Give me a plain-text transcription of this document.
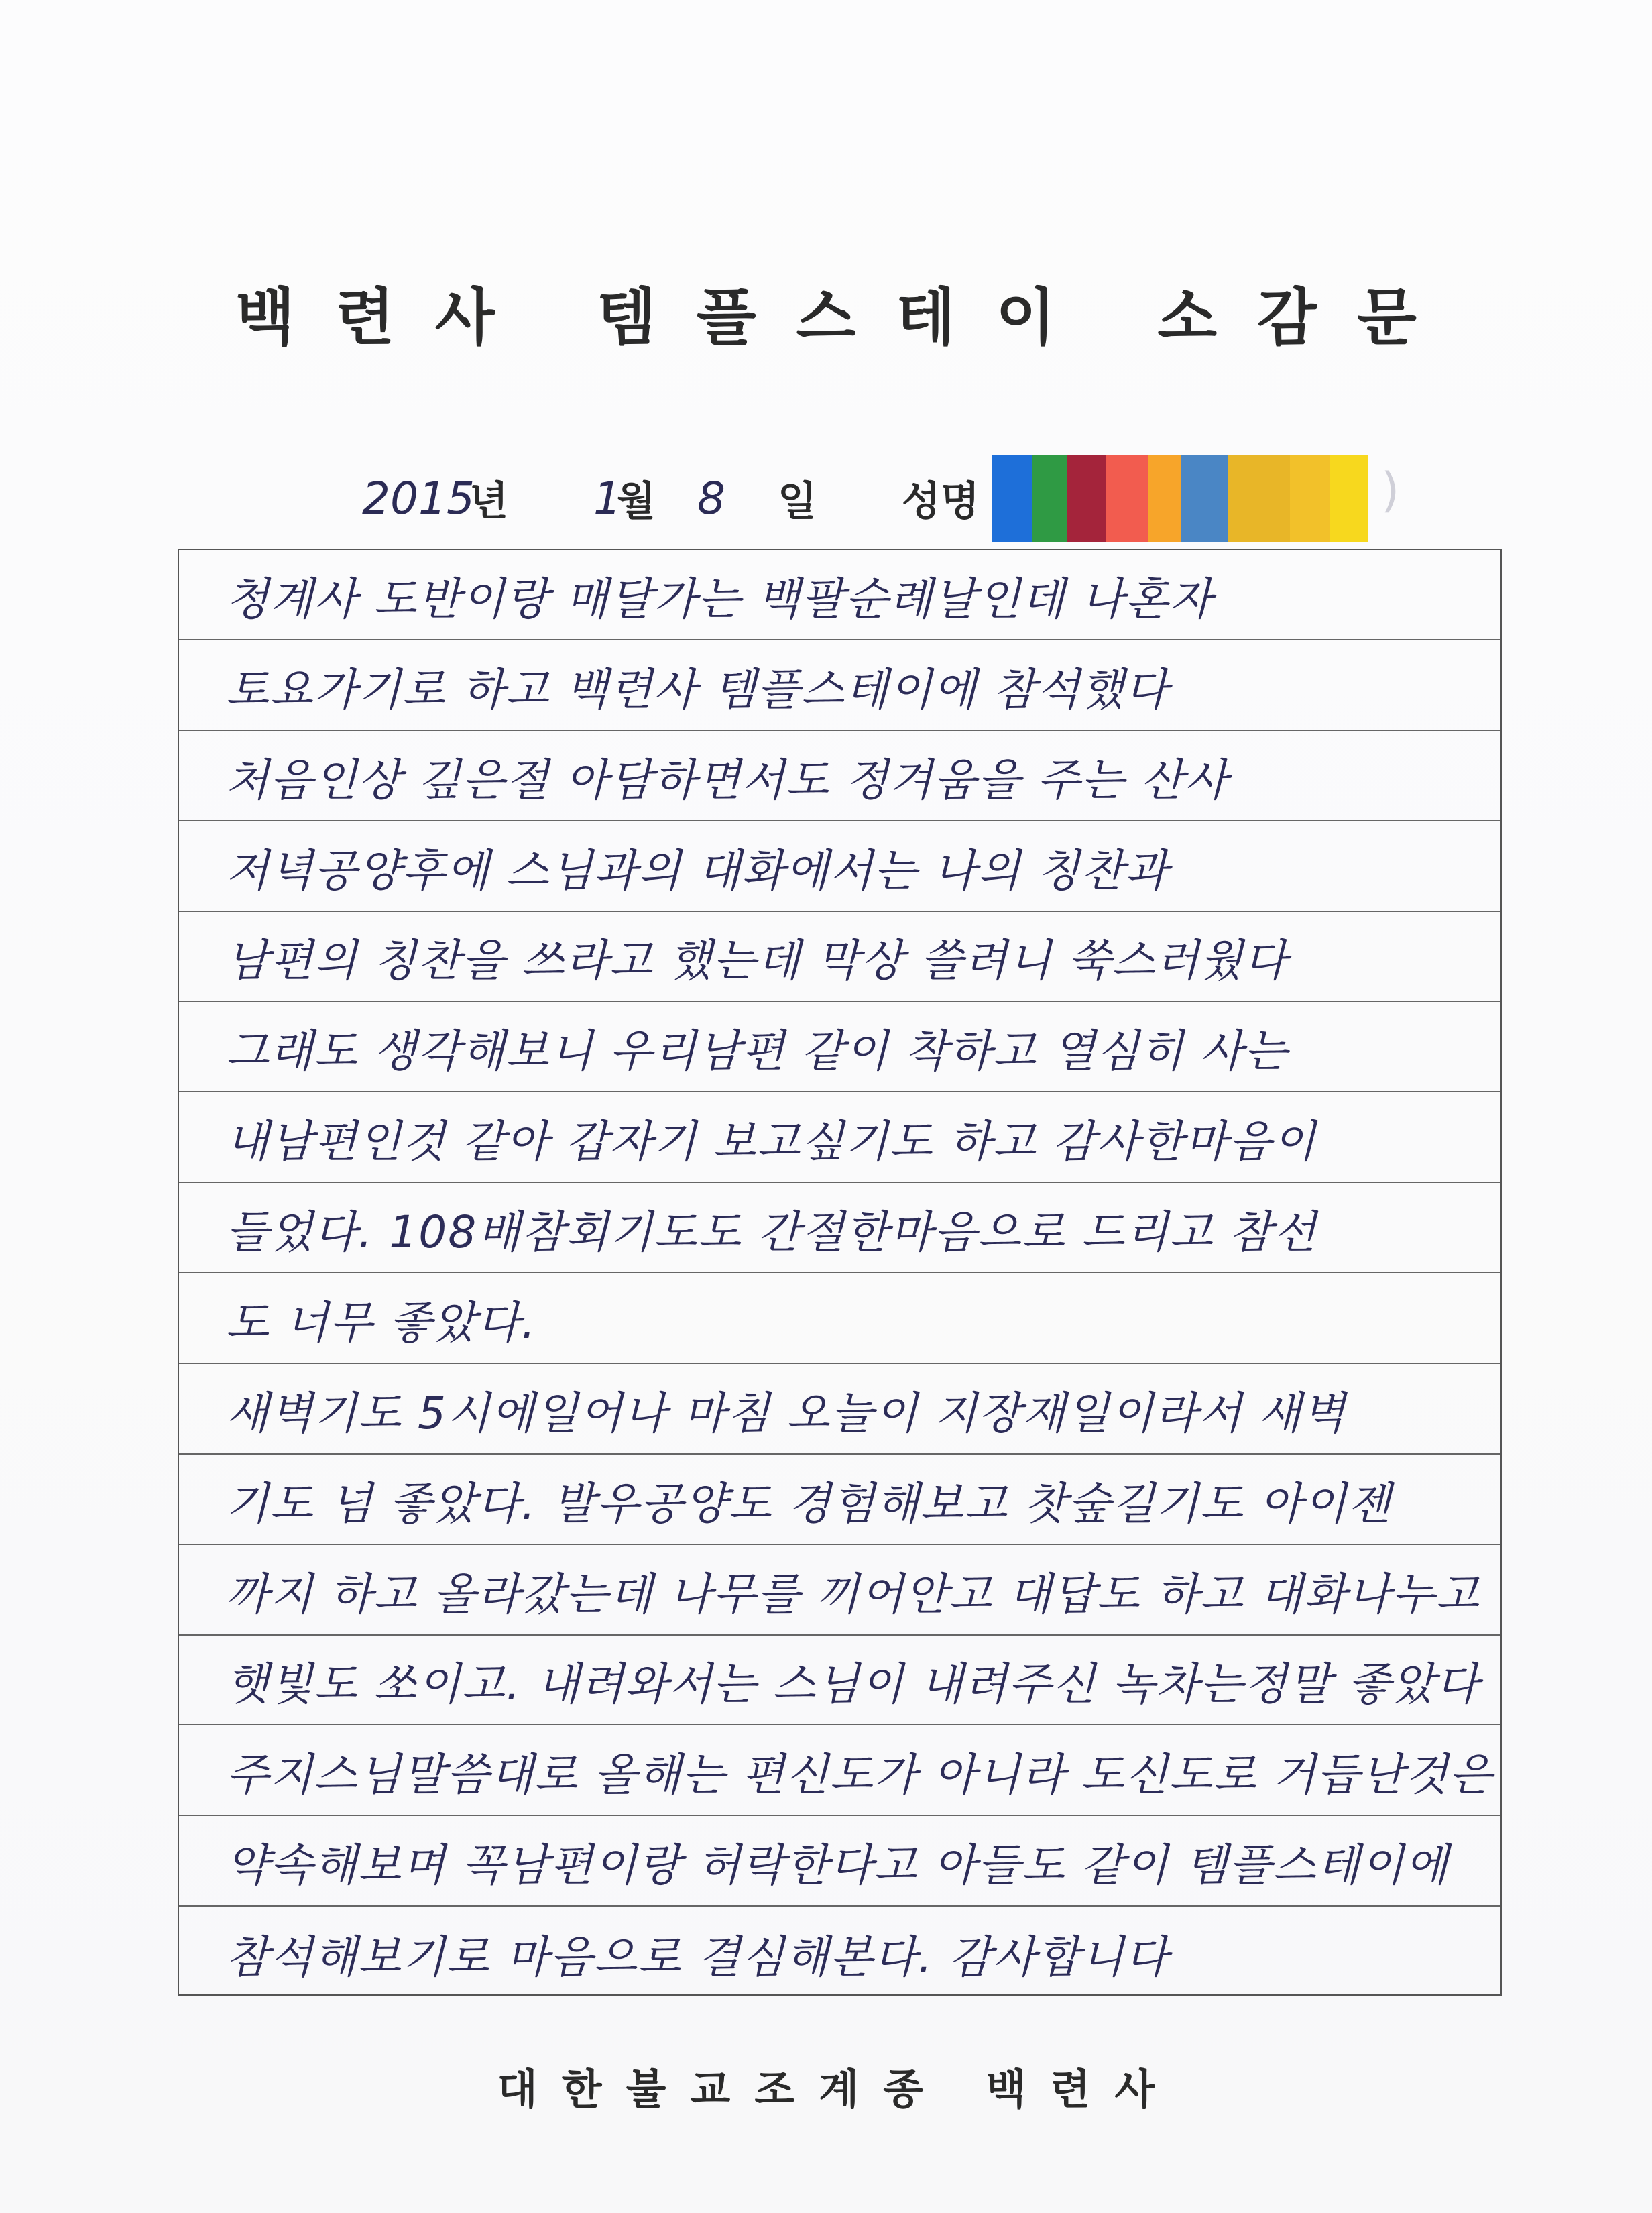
백련사 템플스테이 소감문
2015
년 1
월 8 일 성명	)
청계사 도반이랑 매달가는 백팔순례날인데 나혼자
토요가기로 하고 백련사 템플스테이에 참석했다
처음인상 깊은절 아담하면서도 정겨움을 주는 산사
저녁공양후에 스님과의 대화에서는 나의 칭찬과
남편의 칭찬을 쓰라고 했는데 막상 쓸려니 쑥스러웠다
그래도 생각해보니 우리남편 같이 착하고 열심히 사는
내남편인것 같아 갑자기 보고싶기도 하고 감사한마음이
들었다. 108배참회기도도 간절한마음으로 드리고 참선
도 너무 좋았다.
새벽기도 5시에일어나 마침 오늘이 지장재일이라서 새벽
기도 넘 좋았다. 발우공양도 경험해보고 찻숲길기도 아이젠
까지 하고 올라갔는데 나무를 끼어안고 대답도 하고 대화나누고
햇빛도 쏘이고. 내려와서는 스님이 내려주신 녹차는정말 좋았다
주지스님말씀대로 올해는 편신도가 아니라 도신도로 거듭난것은
약속해보며 꼭남편이랑 허락한다고 아들도 같이 템플스테이에
참석해보기로 마음으로 결심해본다. 감사합니다
대한불교조계종 백련사
